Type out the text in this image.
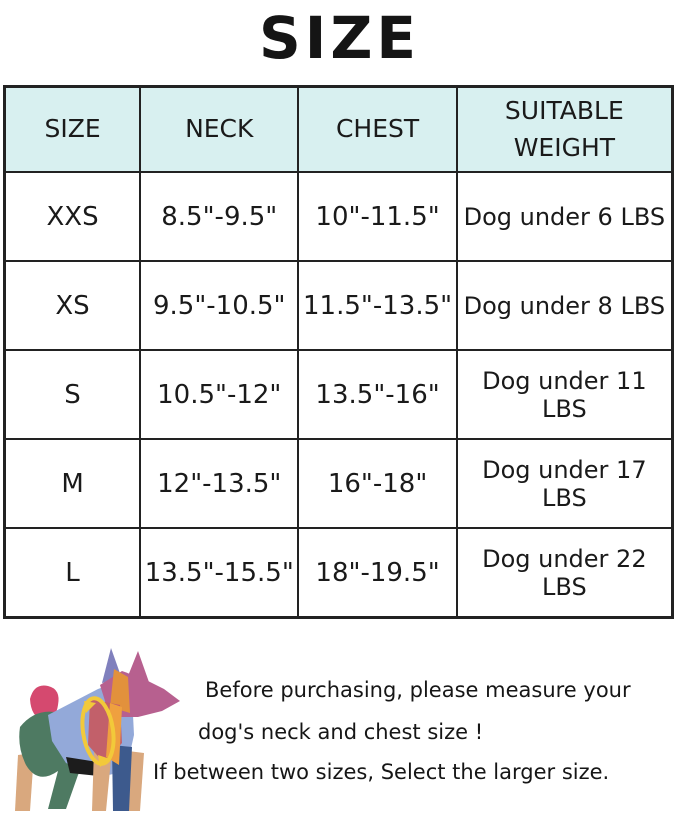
SIZE
SIZE	NECK	CHEST	SUITABLE WEIGHT
XXS	8.5"-9.5"	10"-11.5"	Dog under 6 LBS
XS	9.5"-10.5"	11.5"-13.5"	Dog under 8 LBS
S	10.5"-12"	13.5"-16"	Dog under 11 LBS
M	12"-13.5"	16"-18"	Dog under 17 LBS
L	13.5"-15.5"	18"-19.5"	Dog under 22 LBS
Before purchasing, please measure your
dog's neck and chest size !
If between two sizes, Select the larger size.
